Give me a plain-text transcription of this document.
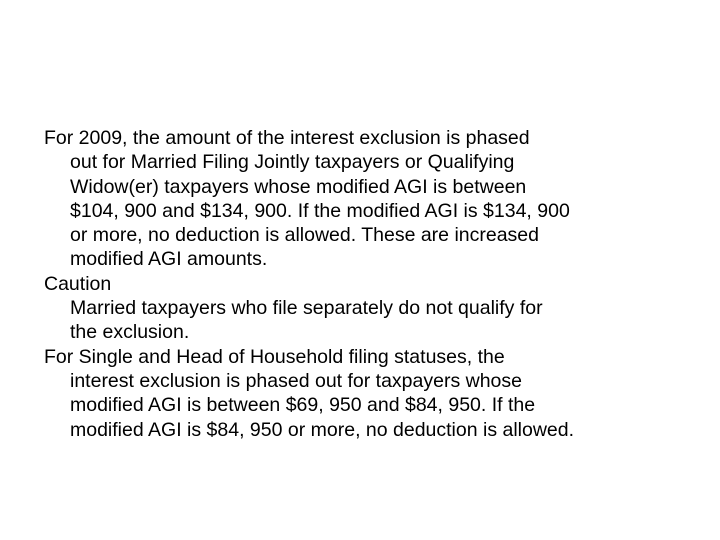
For 2009, the amount of the interest exclusion is phased
out for Married Filing Jointly taxpayers or Qualifying
Widow(er) taxpayers whose modified AGI is between
$104, 900 and $134, 900. If the modified AGI is $134, 900
or more, no deduction is allowed. These are increased
modified AGI amounts.
Caution
Married taxpayers who file separately do not qualify for
the exclusion.
For Single and Head of Household filing statuses, the
interest exclusion is phased out for taxpayers whose
modified AGI is between $69, 950 and $84, 950. If the
modified AGI is $84, 950 or more, no deduction is allowed.
